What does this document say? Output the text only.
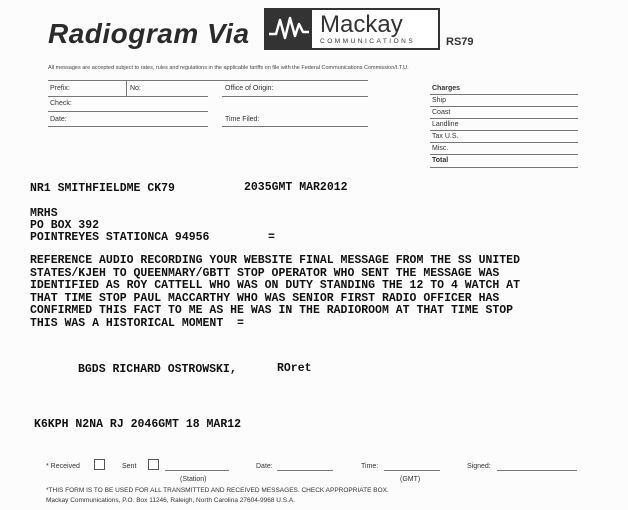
Radiogram Via	Mackay
COMMUNICATIONS	RS79
All messages are accepted subject to rates, rules and regulations in the applicable tariffs on file with the Federal Communications Commission/I.T.U.
Prefix:	No:	Office of Origin:
Check:
Date:	Time Filed:
Charges
Ship
Coast
Landline
Tax U.S.
Misc.
Total
NR1 SMITHFIELDME CK79	2035GMT MAR2012
MRHS
PO BOX 392
POINTREYES STATIONCA 94956	=
REFERENCE AUDIO RECORDING YOUR WEBSITE FINAL MESSAGE FROM THE SS UNITED
STATES/KJEH TO QUEENMARY/GBTT STOP OPERATOR WHO SENT THE MESSAGE WAS
IDENTIFIED AS ROY CATTELL WHO WAS ON DUTY STANDING THE 12 TO 4 WATCH AT
THAT TIME STOP PAUL MACCARTHY WHO WAS SENIOR FIRST RADIO OFFICER HAS
CONFIRMED THIS FACT TO ME AS HE WAS IN THE RADIOROOM AT THAT TIME STOP
THIS WAS A HISTORICAL MOMENT  =
BGDS RICHARD OSTROWSKI,	ROret
K6KPH N2NA RJ 2046GMT 18 MAR12
* Received	Sent
(Station)
Date:	Time:
(GMT)
Signed:
*THIS FORM IS TO BE USED FOR ALL TRANSMITTED AND RECEIVED MESSAGES. CHECK APPROPRIATE BOX.
Mackay Communications, P.O. Box 11246, Raleigh, North Carolina 27604-9968 U.S.A.
